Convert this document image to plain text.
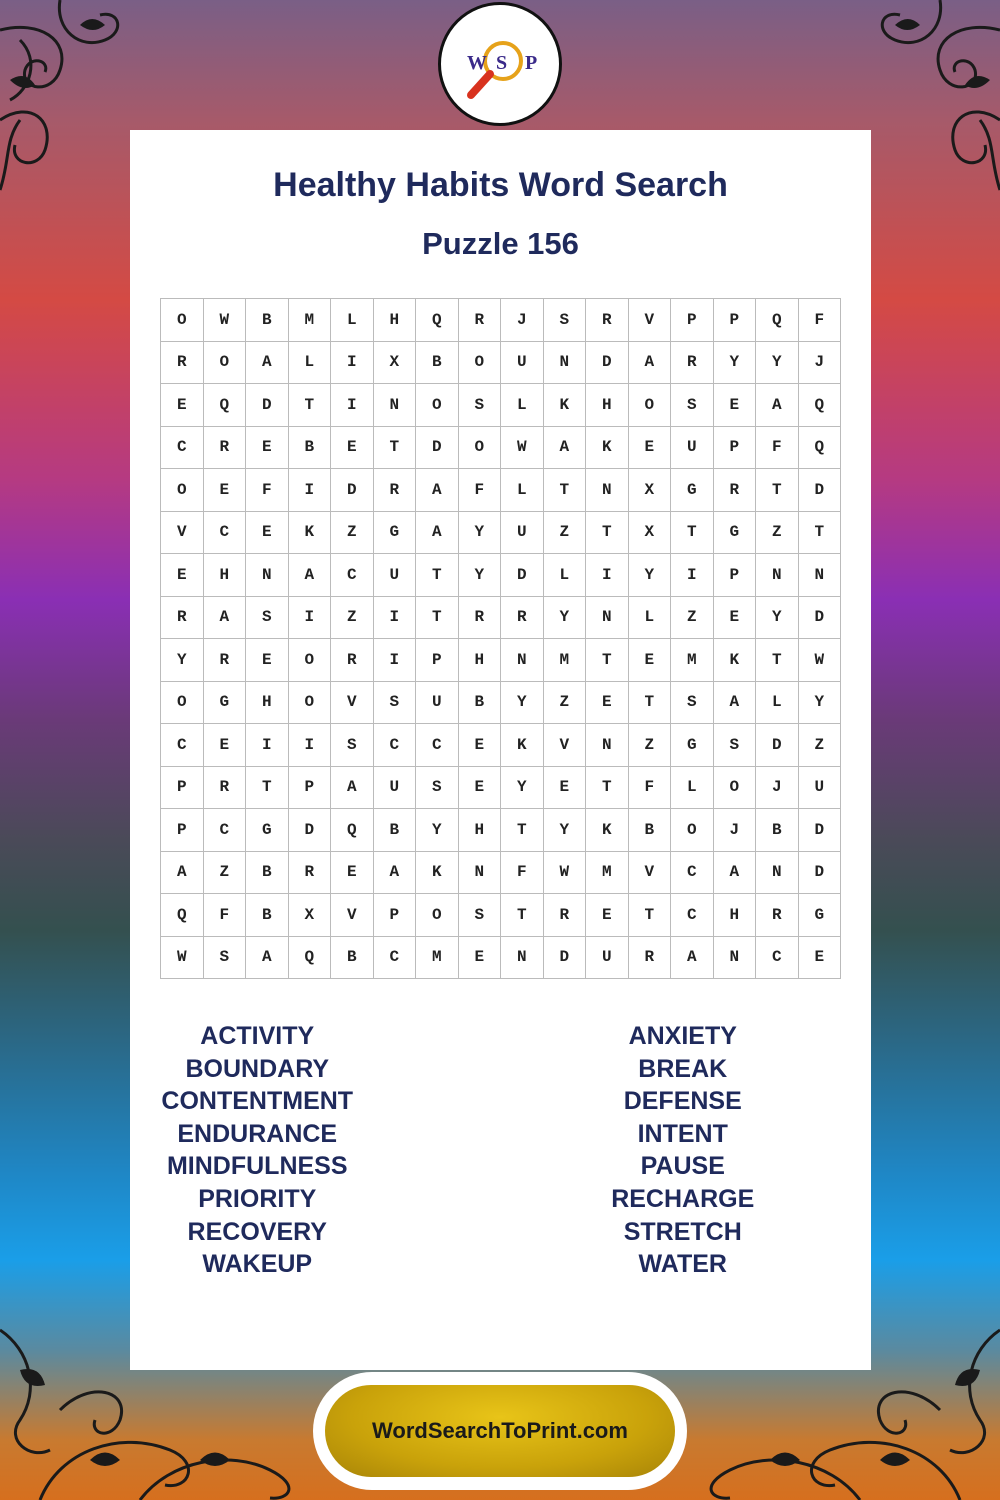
W S P
Healthy Habits Word Search
Puzzle 156
O	W	B	M	L	H	Q	R	J	S	R	V	P	P	Q	F
R	O	A	L	I	X	B	O	U	N	D	A	R	Y	Y	J
E	Q	D	T	I	N	O	S	L	K	H	O	S	E	A	Q
C	R	E	B	E	T	D	O	W	A	K	E	U	P	F	Q
O	E	F	I	D	R	A	F	L	T	N	X	G	R	T	D
V	C	E	K	Z	G	A	Y	U	Z	T	X	T	G	Z	T
E	H	N	A	C	U	T	Y	D	L	I	Y	I	P	N	N
R	A	S	I	Z	I	T	R	R	Y	N	L	Z	E	Y	D
Y	R	E	O	R	I	P	H	N	M	T	E	M	K	T	W
O	G	H	O	V	S	U	B	Y	Z	E	T	S	A	L	Y
C	E	I	I	S	C	C	E	K	V	N	Z	G	S	D	Z
P	R	T	P	A	U	S	E	Y	E	T	F	L	O	J	U
P	C	G	D	Q	B	Y	H	T	Y	K	B	O	J	B	D
A	Z	B	R	E	A	K	N	F	W	M	V	C	A	N	D
Q	F	B	X	V	P	O	S	T	R	E	T	C	H	R	G
W	S	A	Q	B	C	M	E	N	D	U	R	A	N	C	E
ACTIVITY
BOUNDARY
CONTENTMENT
ENDURANCE
MINDFULNESS
PRIORITY
RECOVERY
WAKEUP
ANXIETY
BREAK
DEFENSE
INTENT
PAUSE
RECHARGE
STRETCH
WATER
WordSearchToPrint.com
